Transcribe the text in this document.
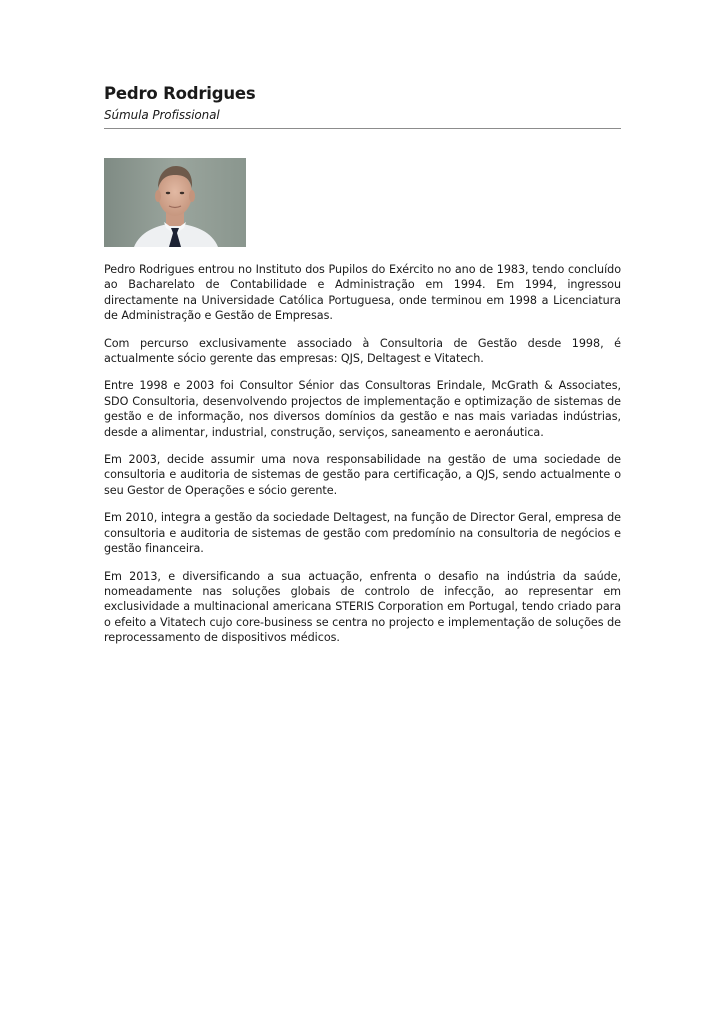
Pedro Rodrigues

Súmula Profissional

Pedro Rodrigues entrou no Instituto dos Pupilos do Exército no ano de 1983, tendo concluído ao Bacharelato de Contabilidade e Administração em 1994. Em 1994, ingressou directamente na Universidade Católica Portuguesa, onde terminou em 1998 a Licenciatura de Administração e Gestão de Empresas.

Com percurso exclusivamente associado à Consultoria de Gestão desde 1998, é actualmente sócio gerente das empresas: QJS, Deltagest e Vitatech.

Entre 1998 e 2003 foi Consultor Sénior das Consultoras Erindale, McGrath & Associates, SDO Consultoria, desenvolvendo projectos de implementação e optimização de sistemas de gestão e de informação, nos diversos domínios da gestão e nas mais variadas indústrias, desde a alimentar, industrial, construção, serviços, saneamento e aeronáutica.

Em 2003, decide assumir uma nova responsabilidade na gestão de uma sociedade de consultoria e auditoria de sistemas de gestão para certificação, a QJS, sendo actualmente o seu Gestor de Operações e sócio gerente.

Em 2010, integra a gestão da sociedade Deltagest, na função de Director Geral, empresa de consultoria e auditoria de sistemas de gestão com predomínio na consultoria de negócios e gestão financeira.

Em 2013, e diversificando a sua actuação, enfrenta o desafio na indústria da saúde, nomeadamente nas soluções globais de controlo de infecção, ao representar em exclusividade a multinacional americana STERIS Corporation em Portugal, tendo criado para o efeito a Vitatech cujo core-business se centra no projecto e implementação de soluções de reprocessamento de dispositivos médicos.
